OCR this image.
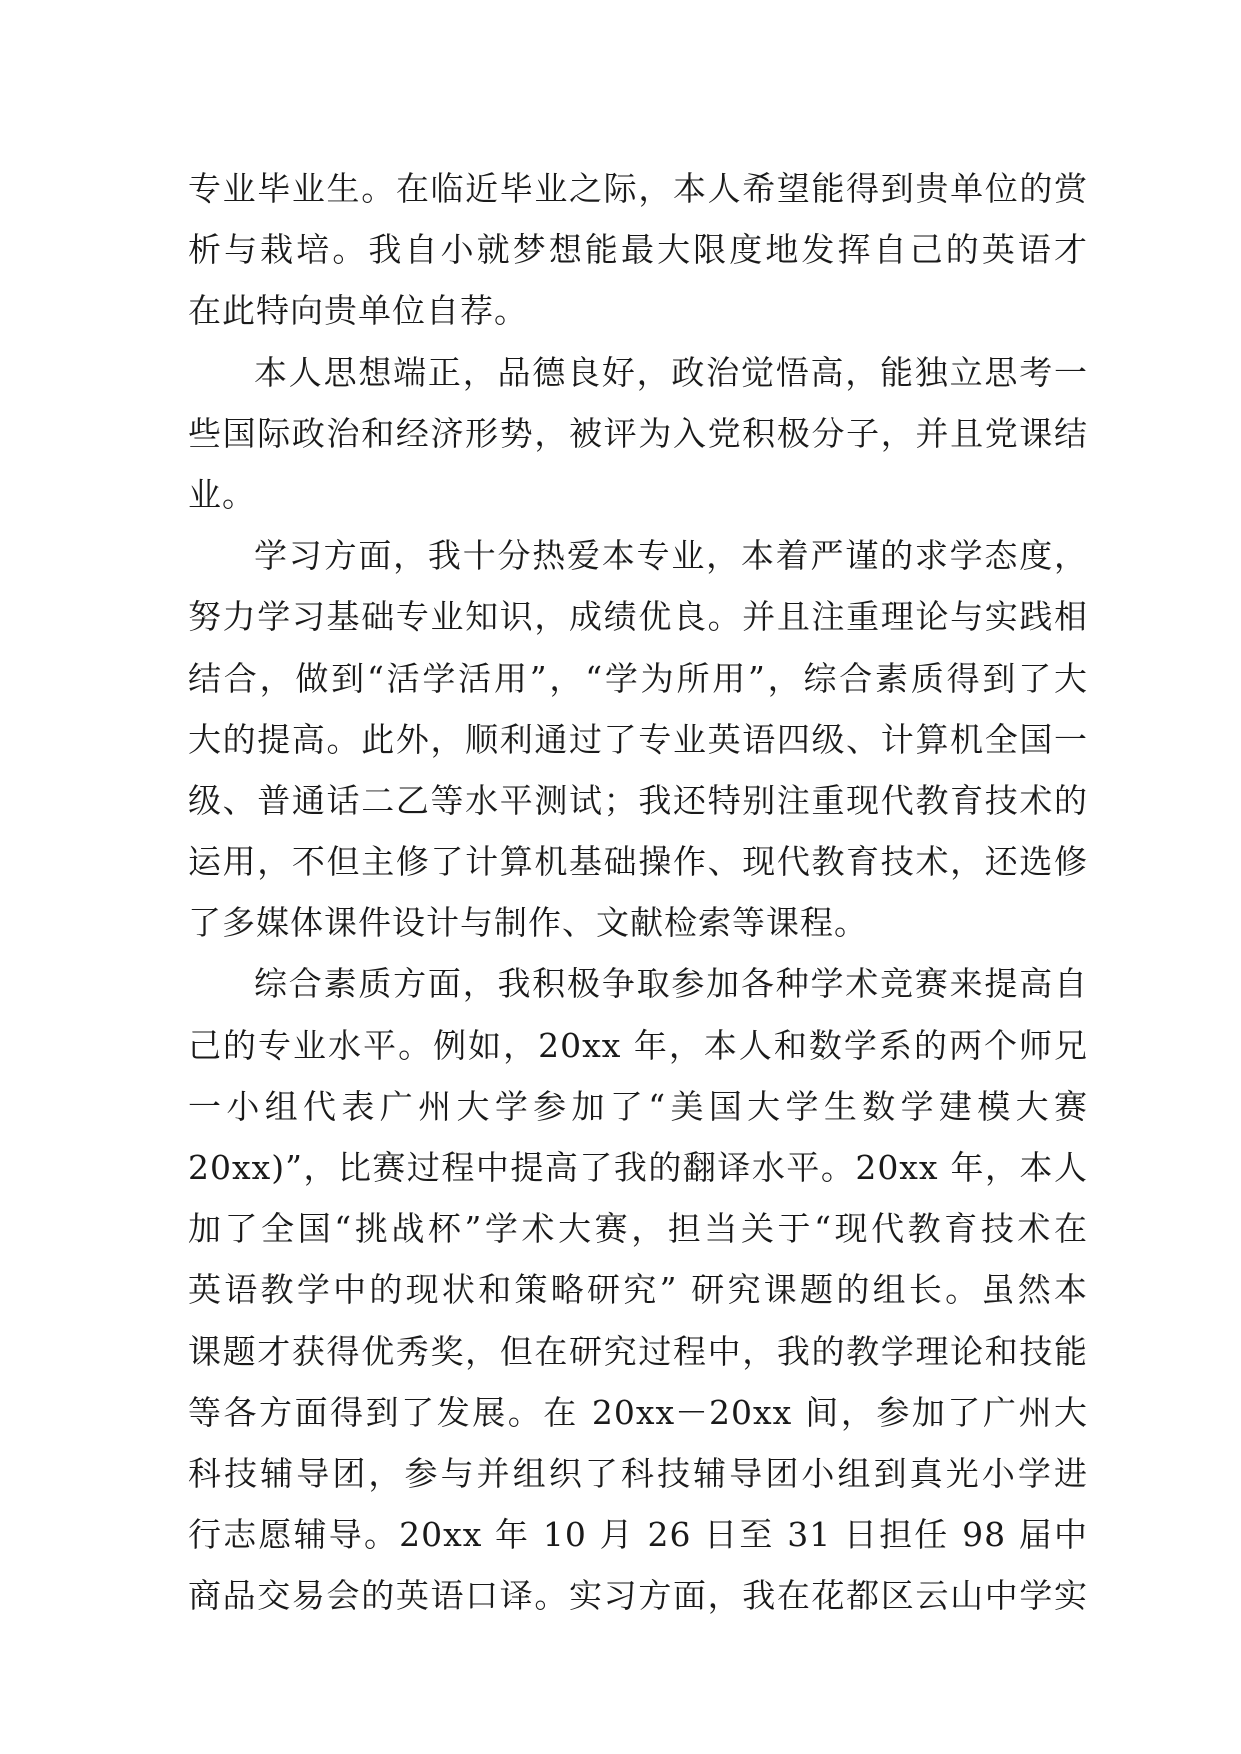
专业毕业生。在临近毕业之际，本人希望能得到贵单位的赏
析与栽培。我自小就梦想能最大限度地发挥自己的英语才
在此特向贵单位自荐。
本人思想端正，品德良好，政治觉悟高，能独立思考一
些国际政治和经济形势，被评为入党积极分子，并且党课结
业。
学习方面，我十分热爱本专业，本着严谨的求学态度，
努力学习基础专业知识，成绩优良。并且注重理论与实践相
结合，做到“活学活用”，“学为所用”，综合素质得到了大
大的提高。此外，顺利通过了专业英语四级、计算机全国一
级、普通话二乙等水平测试；我还特别注重现代教育技术的
运用，不但主修了计算机基础操作、现代教育技术，还选修
了多媒体课件设计与制作、文献检索等课程。
综合素质方面，我积极争取参加各种学术竞赛来提高自
己的专业水平。例如，20xx 年，本人和数学系的两个师兄
一小组代表广州大学参加了“美国大学生数学建模大赛
20xx)”，比赛过程中提高了我的翻译水平。20xx 年，本人
加了全国“挑战杯”学术大赛，担当关于“现代教育技术在
英语教学中的现状和策略研究” 研究课题的组长。虽然本
课题才获得优秀奖，但在研究过程中，我的教学理论和技能
等各方面得到了发展。在 20xx－20xx 间，参加了广州大
科技辅导团，参与并组织了科技辅导团小组到真光小学进
行志愿辅导。20xx 年 10 月 26 日至 31 日担任 98 届中
商品交易会的英语口译。实习方面，我在花都区云山中学实
